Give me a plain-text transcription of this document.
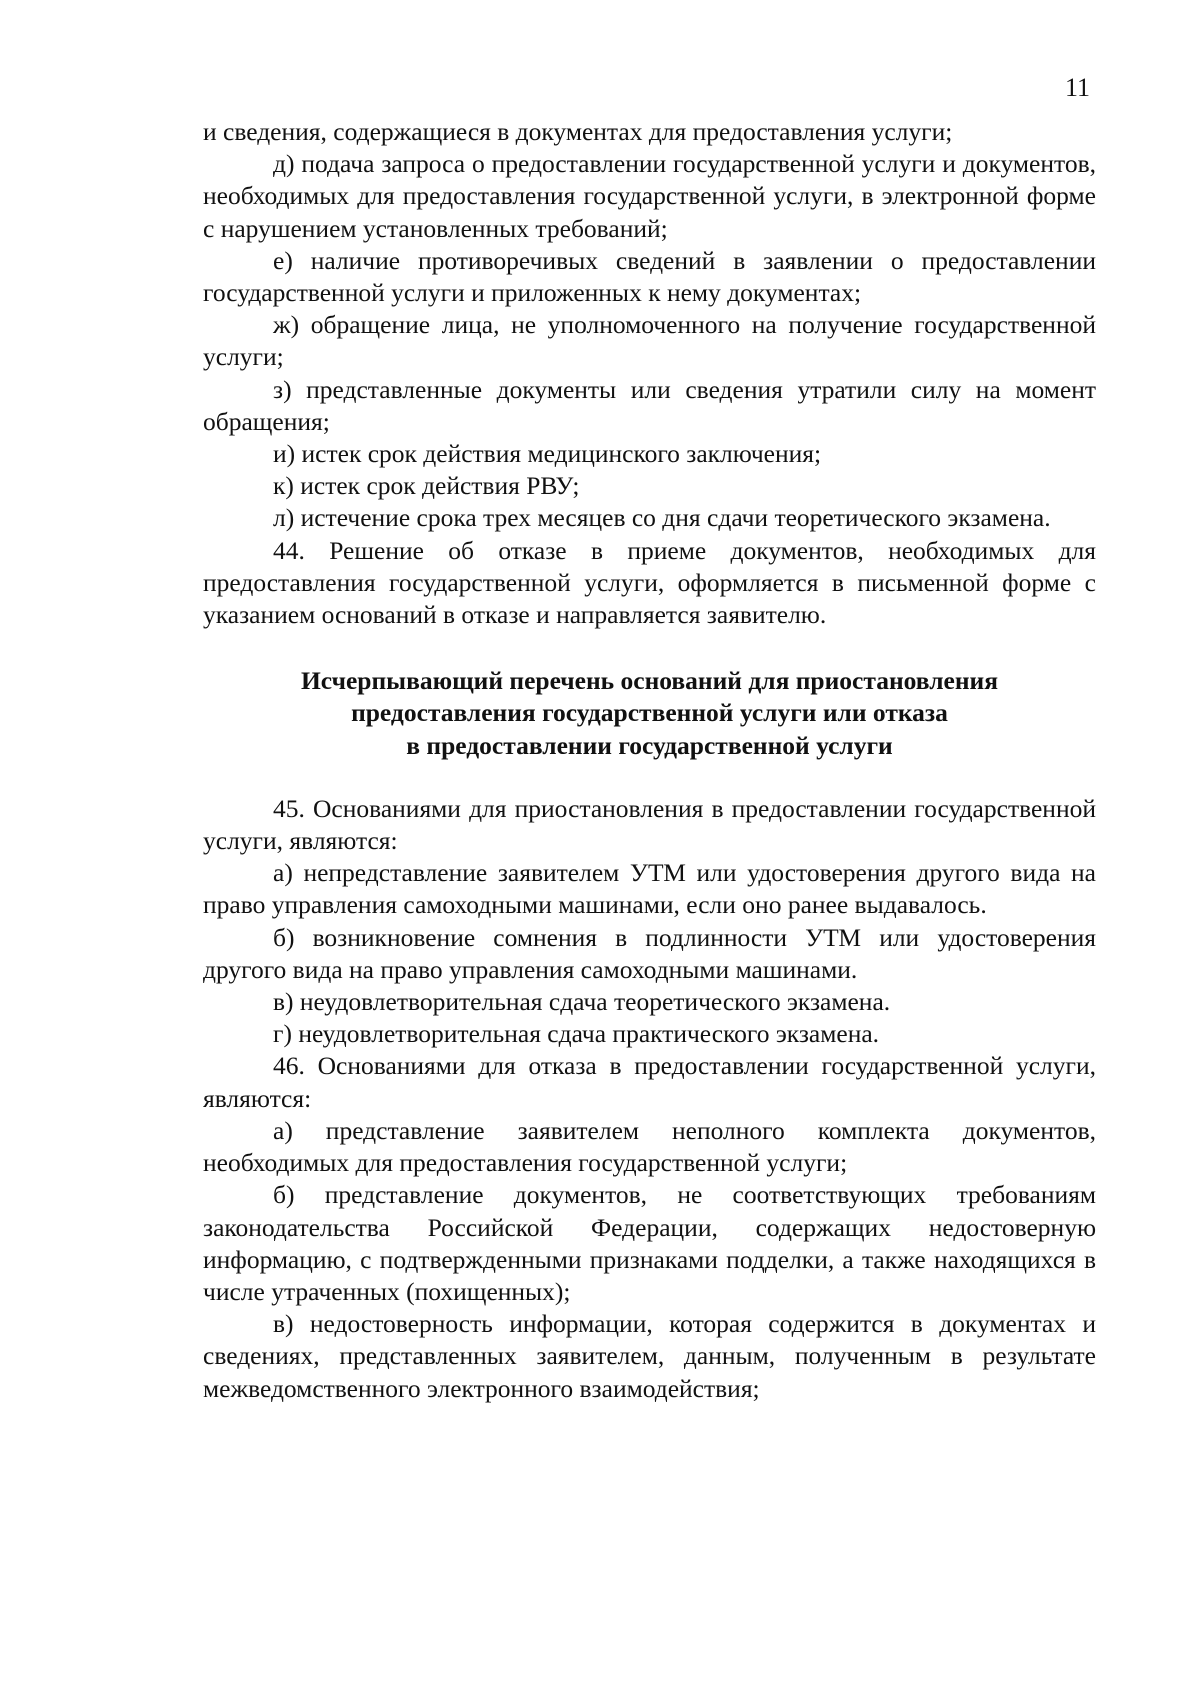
11

и сведения, содержащиеся в документах для предоставления услуги;

д) подача запроса о предоставлении государственной услуги и документов, необходимых для предоставления государственной услуги, в электронной форме с нарушением установленных требований;

е) наличие противоречивых сведений в заявлении о предоставлении государственной услуги и приложенных к нему документах;

ж) обращение лица, не уполномоченного на получение государственной услуги;

з) представленные документы или сведения утратили силу на момент обращения;

и) истек срок действия медицинского заключения;

к) истек срок действия РВУ;

л) истечение срока трех месяцев со дня сдачи теоретического экзамена.

44. Решение об отказе в приеме документов, необходимых для предоставления государственной услуги, оформляется в письменной форме с указанием оснований в отказе и направляется заявителю.

Исчерпывающий перечень оснований для приостановления
предоставления государственной услуги или отказа
в предоставлении государственной услуги

45. Основаниями для приостановления в предоставлении государственной услуги, являются:

а) непредставление заявителем УТМ или удостоверения другого вида на право управления самоходными машинами, если оно ранее выдавалось.

б) возникновение сомнения в подлинности УТМ или удостоверения другого вида на право управления самоходными машинами.

в) неудовлетворительная сдача теоретического экзамена.

г) неудовлетворительная сдача практического экзамена.

46. Основаниями для отказа в предоставлении государственной услуги, являются:

а) представление заявителем неполного комплекта документов, необходимых для предоставления государственной услуги;

б) представление документов, не соответствующих требованиям законодательства Российской Федерации, содержащих недостоверную информацию, с подтвержденными признаками подделки, а также находящихся в числе утраченных (похищенных);

в) недостоверность информации, которая содержится в документах и сведениях, представленных заявителем, данным, полученным в результате межведомственного электронного взаимодействия;
